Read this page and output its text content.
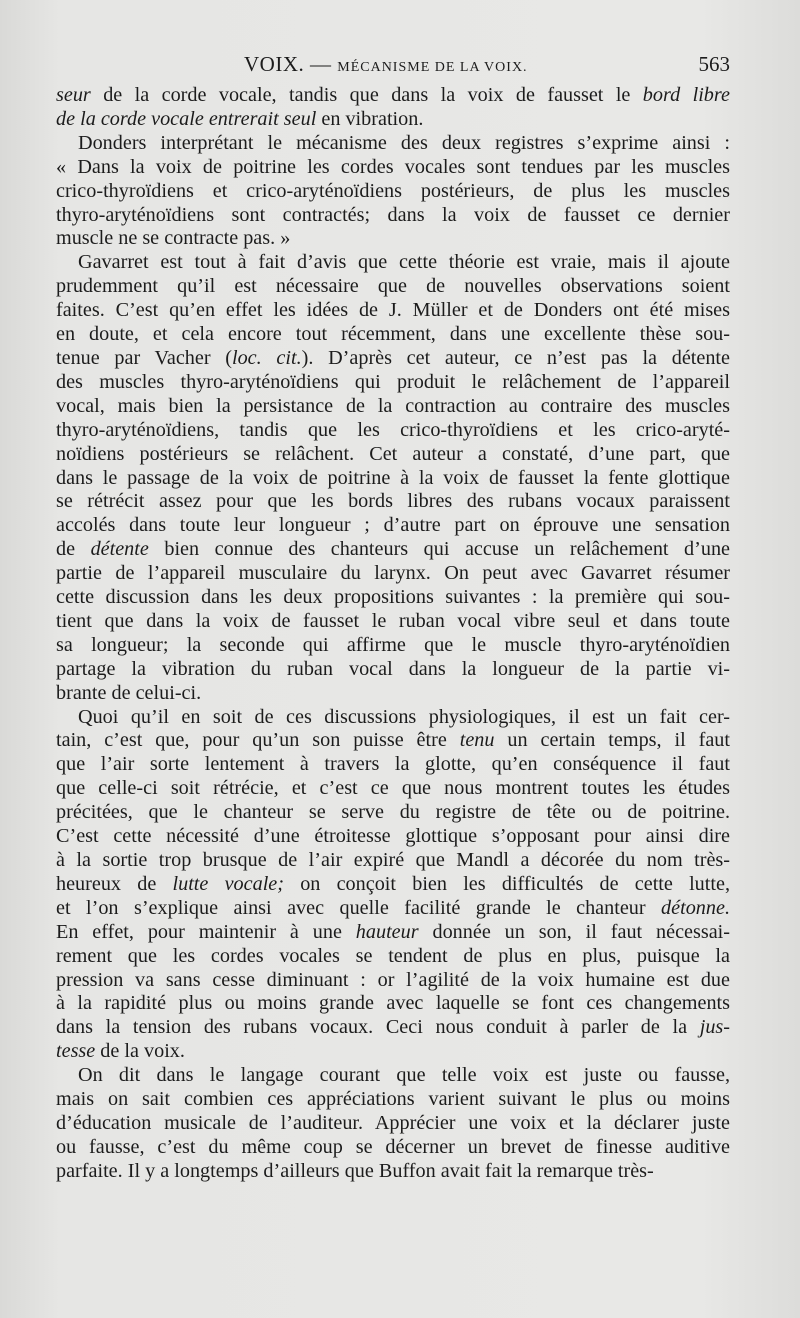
VOIX. — MÉCANISME DE LA VOIX.	563
seur de la corde vocale, tandis que dans la voix de fausset le bord libre
de la corde vocale entrerait seul en vibration.
Donders interprétant le mécanisme des deux registres s’exprime ainsi :
« Dans la voix de poitrine les cordes vocales sont tendues par les muscles
crico-thyroïdiens et crico-aryténoïdiens postérieurs, de plus les muscles
thyro-aryténoïdiens sont contractés; dans la voix de fausset ce dernier
muscle ne se contracte pas. »
Gavarret est tout à fait d’avis que cette théorie est vraie, mais il ajoute
prudemment qu’il est nécessaire que de nouvelles observations soient
faites. C’est qu’en effet les idées de J. Müller et de Donders ont été mises
en doute, et cela encore tout récemment, dans une excellente thèse sou-
tenue par Vacher (loc. cit.). D’après cet auteur, ce n’est pas la détente
des muscles thyro-aryténoïdiens qui produit le relâchement de l’appareil
vocal, mais bien la persistance de la contraction au contraire des muscles
thyro-aryténoïdiens, tandis que les crico-thyroïdiens et les crico-aryté-
noïdiens postérieurs se relâchent. Cet auteur a constaté, d’une part, que
dans le passage de la voix de poitrine à la voix de fausset la fente glottique
se rétrécit assez pour que les bords libres des rubans vocaux paraissent
accolés dans toute leur longueur ; d’autre part on éprouve une sensation
de détente bien connue des chanteurs qui accuse un relâchement d’une
partie de l’appareil musculaire du larynx. On peut avec Gavarret résumer
cette discussion dans les deux propositions suivantes : la première qui sou-
tient que dans la voix de fausset le ruban vocal vibre seul et dans toute
sa longueur; la seconde qui affirme que le muscle thyro-aryténoïdien
partage la vibration du ruban vocal dans la longueur de la partie vi-
brante de celui-ci.
Quoi qu’il en soit de ces discussions physiologiques, il est un fait cer-
tain, c’est que, pour qu’un son puisse être tenu un certain temps, il faut
que l’air sorte lentement à travers la glotte, qu’en conséquence il faut
que celle-ci soit rétrécie, et c’est ce que nous montrent toutes les études
précitées, que le chanteur se serve du registre de tête ou de poitrine.
C’est cette nécessité d’une étroitesse glottique s’opposant pour ainsi dire
à la sortie trop brusque de l’air expiré que Mandl a décorée du nom très-
heureux de lutte vocale; on conçoit bien les difficultés de cette lutte,
et l’on s’explique ainsi avec quelle facilité grande le chanteur détonne.
En effet, pour maintenir à une hauteur donnée un son, il faut nécessai-
rement que les cordes vocales se tendent de plus en plus, puisque la
pression va sans cesse diminuant : or l’agilité de la voix humaine est due
à la rapidité plus ou moins grande avec laquelle se font ces changements
dans la tension des rubans vocaux. Ceci nous conduit à parler de la jus-
tesse de la voix.
On dit dans le langage courant que telle voix est juste ou fausse,
mais on sait combien ces appréciations varient suivant le plus ou moins
d’éducation musicale de l’auditeur. Apprécier une voix et la déclarer juste
ou fausse, c’est du même coup se décerner un brevet de finesse auditive
parfaite. Il y a longtemps d’ailleurs que Buffon avait fait la remarque très-
